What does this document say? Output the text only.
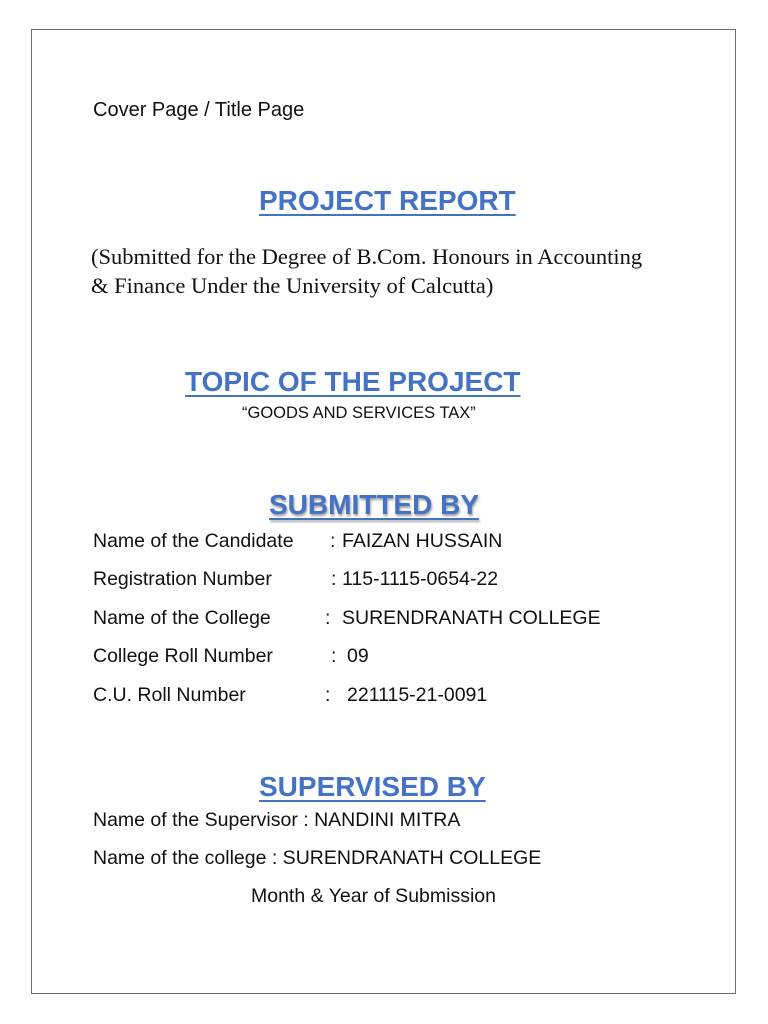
Cover Page / Title Page

PROJECT REPORT

(Submitted for the Degree of B.Com. Honours in Accounting & Finance Under the University of Calcutta)

TOPIC OF THE PROJECT

“GOODS AND SERVICES TAX”

SUBMITTED BY
Name of the Candidate : FAIZAN HUSSAIN
Registration Number	: 115-1115-0654-22
Name of the College	: SURENDRANATH COLLEGE
College Roll Number	: 09
C.U. Roll Number	: 221115-21-0091
SUPERVISED BY

Name of the Supervisor : NANDINI MITRA

Name of the college : SURENDRANATH COLLEGE

Month & Year of Submission
